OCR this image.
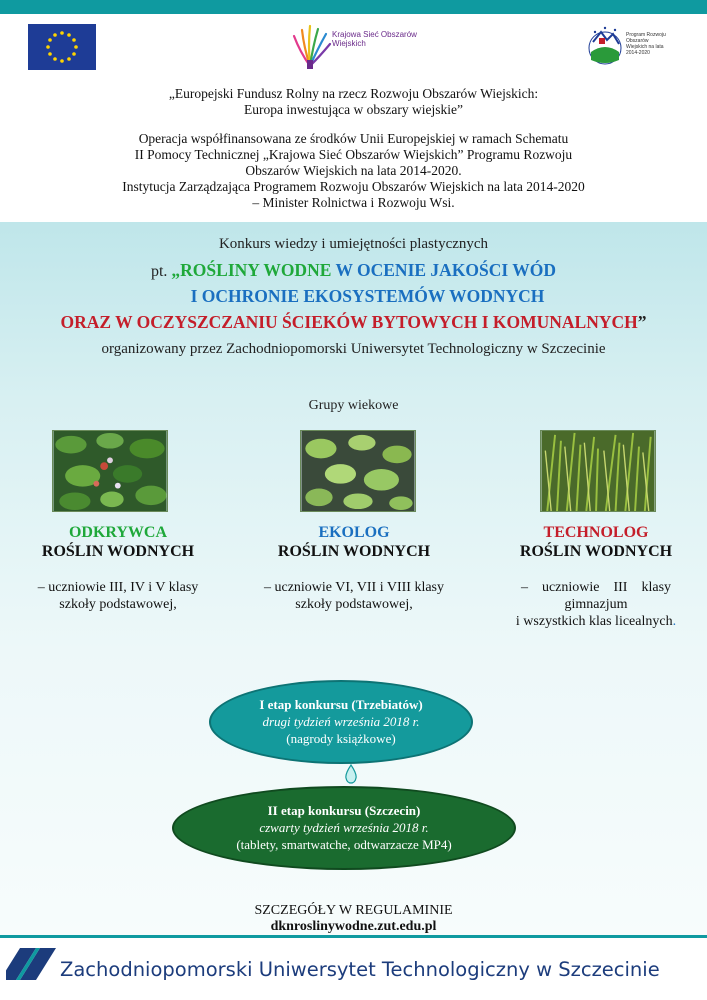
Krajowa Sieć Obszarów Wiejskich
Program Rozwoju Obszarów Wiejskich na lata 2014-2020
„Europejski Fundusz Rolny na rzecz Rozwoju Obszarów Wiejskich:
Europa inwestująca w obszary wiejskie”
Operacja współfinansowana ze środków Unii Europejskiej w ramach Schematu
II Pomocy Technicznej „Krajowa Sieć Obszarów Wiejskich” Programu Rozwoju
Obszarów Wiejskich na lata 2014-2020.
Instytucja Zarządzająca Programem Rozwoju Obszarów Wiejskich na lata 2014-2020
– Minister Rolnictwa i Rozwoju Wsi.
Konkurs wiedzy i umiejętności plastycznych
pt. „ROŚLINY WODNE W OCENIE JAKOŚCI WÓD
I OCHRONIE EKOSYSTEMÓW WODNYCH
ORAZ W OCZYSZCZANIU ŚCIEKÓW BYTOWYCH I KOMUNALNYCH”
organizowany przez Zachodniopomorski Uniwersytet Technologiczny w Szczecinie
Grupy wiekowe
ODKRYWCA
ROŚLIN WODNYCH
– uczniowie III, IV i V klasy
szkoły podstawowej,
EKOLOG
ROŚLIN WODNYCH
– uczniowie VI, VII i VIII klasy
szkoły podstawowej,
TECHNOLOG
ROŚLIN WODNYCH
–    uczniowie    III    klasy
gimnazjum
i wszystkich klas licealnych.
I etap konkursu (Trzebiatów)
drugi tydzień września 2018 r.
(nagrody książkowe)
II etap konkursu (Szczecin)
czwarty tydzień września 2018 r.
(tablety, smartwatche, odtwarzacze MP4)
SZCZEGÓŁY W REGULAMINIE
dknroslinywodne.zut.edu.pl
Zachodniopomorski Uniwersytet Technologiczny w Szczecinie
